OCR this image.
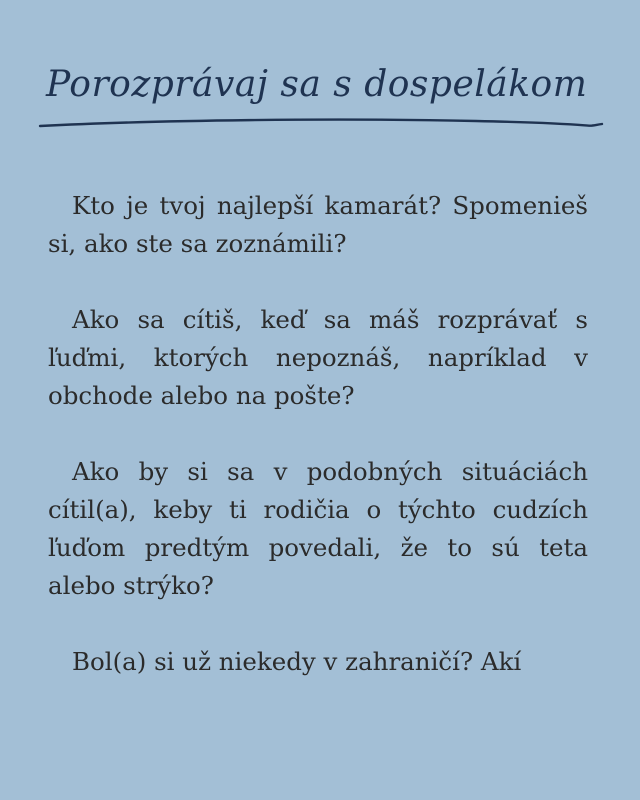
Porozprávaj sa s dospelákom

Kto je tvoj najlepší kamarát? Spomenieš si, ako ste sa zoznámili?

Ako sa cítiš, keď sa máš rozprávať s ľuďmi, ktorých nepoznáš, napríklad v obchode alebo na pošte?

Ako by si sa v podobných situáciách cítil(a), keby ti rodičia o týchto cudzích ľuďom predtým povedali, že to sú teta alebo strýko?

Bol(a) si už niekedy v zahraničí? Akí
